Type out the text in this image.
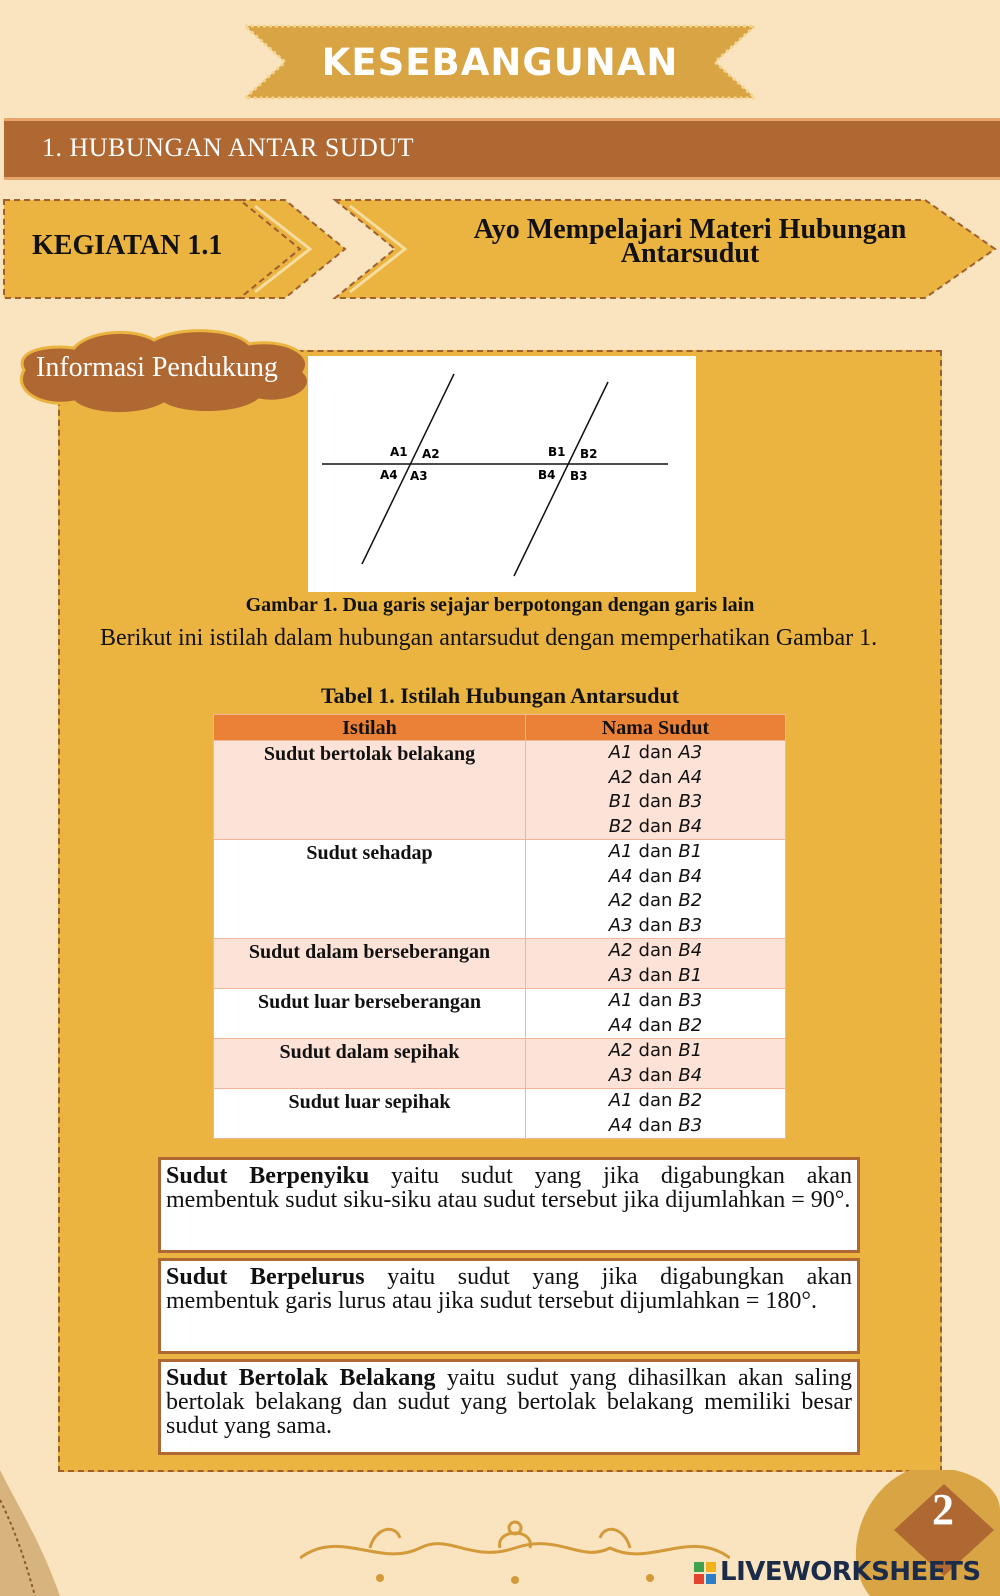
KESEBANGUNAN
1. HUBUNGAN ANTAR SUDUT
KEGIATAN 1.1
Ayo Mempelajari Materi Hubungan
Antarsudut
Informasi Pendukung
A1 A2
A4 A3
B1 B2
B4 B3
Gambar 1. Dua garis sejajar berpotongan dengan garis lain
Berikut ini istilah dalam hubungan antarsudut dengan memperhatikan Gambar 1.
Tabel 1. Istilah Hubungan Antarsudut
Istilah	Nama Sudut
Sudut bertolak belakang	A1 dan A3
A2 dan A4
B1 dan B3
B2 dan B4

Sudut sehadap	A1 dan B1
A4 dan B4
A2 dan B2
A3 dan B3

Sudut dalam berseberangan	A2 dan B4
A3 dan B1

Sudut luar berseberangan	A1 dan B3
A4 dan B2

Sudut dalam sepihak	A2 dan B1
A3 dan B4

Sudut luar sepihak	A1 dan B2
A4 dan B3
Sudut Berpenyiku yaitu sudut yang jika digabungkan akan membentuk sudut siku-siku atau sudut tersebut jika dijumlahkan = 90°.
Sudut Berpelurus yaitu sudut yang jika digabungkan akan membentuk garis lurus atau jika sudut tersebut dijumlahkan = 180°.
Sudut Bertolak Belakang yaitu sudut yang dihasilkan akan saling bertolak belakang dan sudut yang bertolak belakang memiliki besar sudut yang sama.
2
LIVEWORKSHEETS
